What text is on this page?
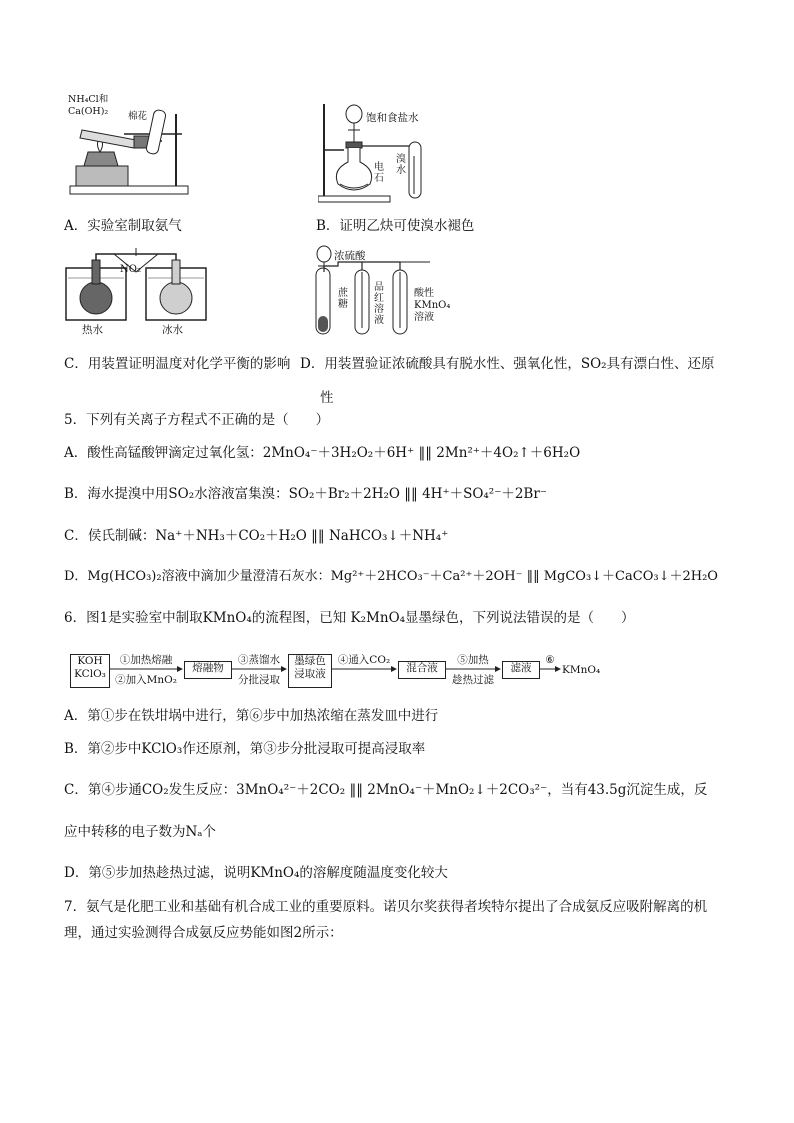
NH₄Cl和
Ca(OH)₂ 棉花
A．实验室制取氨气
饱和食盐水
电石
溴水
B．证明乙炔可使溴水褪色
NO₂
热水	冰水
C．用装置证明温度对化学平衡的影响
浓硫酸
蔗糖
品红溶液
酸性
KMnO₄
溶液
D．用装置验证浓硫酸具有脱水性、强氧化性，SO₂具有漂白性、还原
性
5．下列有关离子方程式不正确的是（　　）
A．酸性高锰酸钾滴定过氧化氢：2MnO₄⁻＋3H₂O₂＋6H⁺ ‖‖ 2Mn²⁺＋4O₂↑＋6H₂O
B．海水提溴中用SO₂水溶液富集溴：SO₂＋Br₂＋2H₂O ‖‖ 4H⁺＋SO₄²⁻＋2Br⁻
C．侯氏制碱：Na⁺＋NH₃＋CO₂＋H₂O ‖‖ NaHCO₃↓＋NH₄⁺
D．Mg(HCO₃)₂溶液中滴加少量澄清石灰水：Mg²⁺＋2HCO₃⁻＋Ca²⁺＋2OH⁻ ‖‖ MgCO₃↓＋CaCO₃↓＋2H₂O
6．图1是实验室中制取KMnO₄的流程图，已知 K₂MnO₄显墨绿色，下列说法错误的是（　　）
KOH
KClO₃
①加热熔融
②加入MnO₂
熔融物
③蒸馏水
分批浸取
墨绿色
浸取液
④通入CO₂
混合液
⑤加热
趁热过滤
滤液
⑥
KMnO₄
A．第①步在铁坩埚中进行，第⑥步中加热浓缩在蒸发皿中进行
B．第②步中KClO₃作还原剂，第③步分批浸取可提高浸取率
C．第④步通CO₂发生反应：3MnO₄²⁻＋2CO₂ ‖‖ 2MnO₄⁻＋MnO₂↓＋2CO₃²⁻，当有43.5g沉淀生成，反
应中转移的电子数为Nₐ个
D．第⑤步加热趁热过滤，说明KMnO₄的溶解度随温度变化较大
7．氨气是化肥工业和基础有机合成工业的重要原料。诺贝尔奖获得者埃特尔提出了合成氨反应吸附解离的机
理，通过实验测得合成氨反应势能如图2所示：
